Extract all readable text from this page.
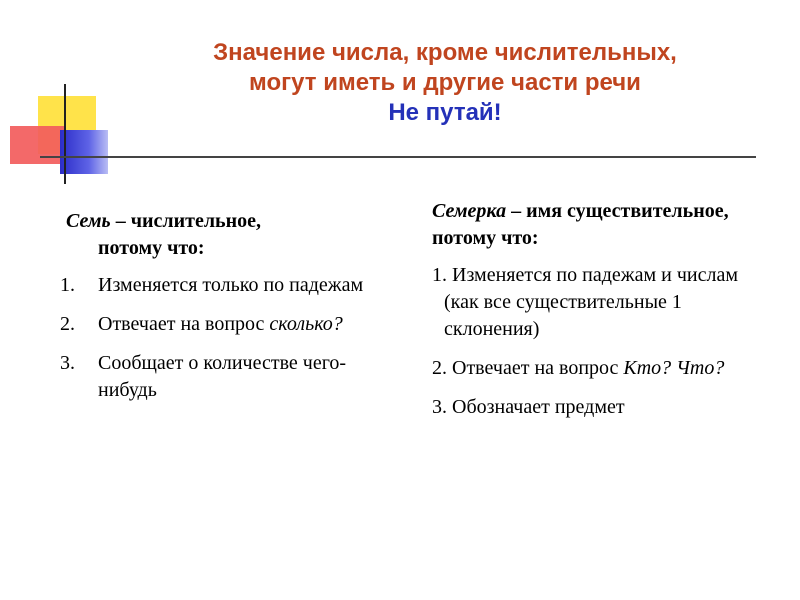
Значение числа, кроме числительных,
могут иметь и другие части речи
Не путай!
Семь – числительное,
потому что:
1. Изменяется только по падежам
2. Отвечает на вопрос сколько?
3. Сообщает о количестве чего-нибудь
Семерка – имя существительное, потому что:
1. Изменяется по падежам и числам (как все существительные 1 склонения)
2. Отвечает на вопрос Кто? Что?
3. Обозначает предмет
